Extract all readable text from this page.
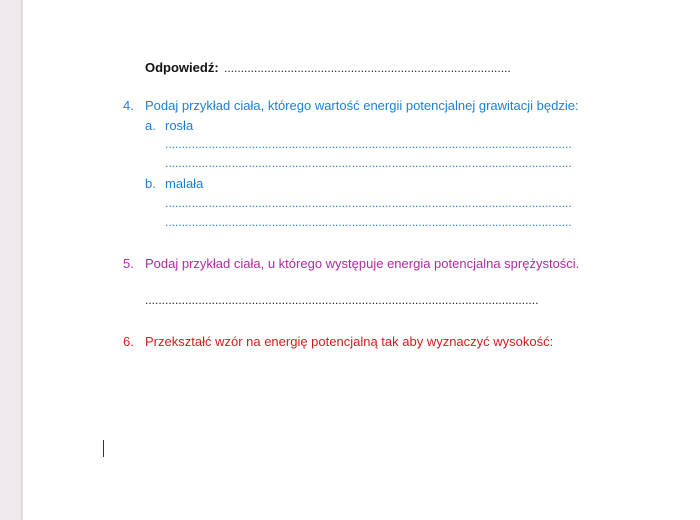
Odpowiedź: ......................................................................................
4. Podaj przykład ciała, którego wartość energii potencjalnej grawitacji będzie:
a. rosła
..........................................................................................................................
..........................................................................................................................
b. malała
..........................................................................................................................
..........................................................................................................................
5. Podaj przykład ciała, u którego występuje energia potencjalna sprężystości.
......................................................................................................................
6. Przekształć wzór na energię potencjalną tak aby wyznaczyć wysokość:
